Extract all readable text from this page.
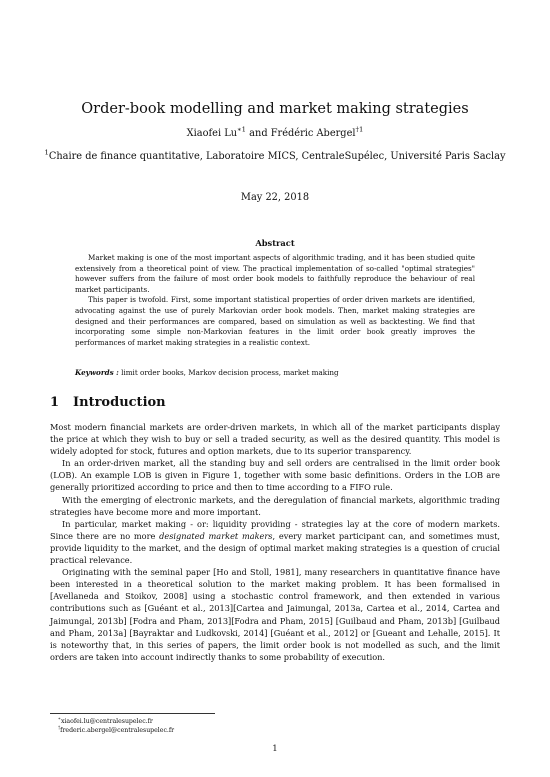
Order-book modelling and market making strategies
Xiaofei $Lu^{∗1}$ and Frédéric Abergel$^{\dagger 1}$
$^1$Chaire de finance quantitative, Laboratoire MICS, CentraleSupélec, Université Paris Saclay
May 22, 2018
Abstract

Market making is one of the most important aspects of algorithmic trading, and it has been studied quite extensively from a theoretical point of view. The practical implementation of so-called "optimal strategies" however suffers from the failure of most order book models to faithfully reproduce the behaviour of real market participants.

This paper is twofold. First, some important statistical properties of order driven markets are identified, advocating against the use of purely Markovian order book models. Then, market making strategies are designed and their performances are compared, based on simulation as well as backtesting. We find that incorporating some simple non-Markovian features in the limit order book greatly improves the performances of market making strategies in a realistic context.

Keywords : limit order books, Markov decision process, market making
1 Introduction

Most modern financial markets are order-driven markets, in which all of the market participants display the price at which they wish to buy or sell a traded security, as well as the desired quantity. This model is widely adopted for stock, futures and option markets, due to its superior transparency.

In an order-driven market, all the standing buy and sell orders are centralised in the limit order book (LOB). An example LOB is given in Figure 1, together with some basic definitions. Orders in the LOB are generally prioritized according to price and then to time according to a FIFO rule.

With the emerging of electronic markets, and the deregulation of financial markets, algorithmic trading strategies have become more and more important.

In particular, market making - or: liquidity providing - strategies lay at the core of modern markets. Since there are no more designated market makers, every market participant can, and sometimes must, provide liquidity to the market, and the design of optimal market making strategies is a question of crucial practical relevance.

Originating with the seminal paper [Ho and Stoll, 1981], many researchers in quantitative finance have been interested in a theoretical solution to the market making problem. It has been formalised in [Avellaneda and Stoikov, 2008] using a stochastic control framework, and then extended in various contributions such as [Guéant et al., 2013][Cartea and Jaimungal, 2013a, Cartea et al., 2014, Cartea and Jaimungal, 2013b] [Fodra and Pham, 2013][Fodra and Pham, 2015] [Guilbaud and Pham, 2013b] [Guilbaud and Pham, 2013a] [Bayraktar and Ludkovski, 2014] [Guéant et al., 2012] or [Gueant and Lehalle, 2015]. It is noteworthy that, in this series of papers, the limit order book is not modelled as such, and the limit orders are taken into account indirectly thanks to some probability of execution.

∗xiaofei.lu@centralesupelec.fr
†frederic.abergel@centralesupelec.fr
1
